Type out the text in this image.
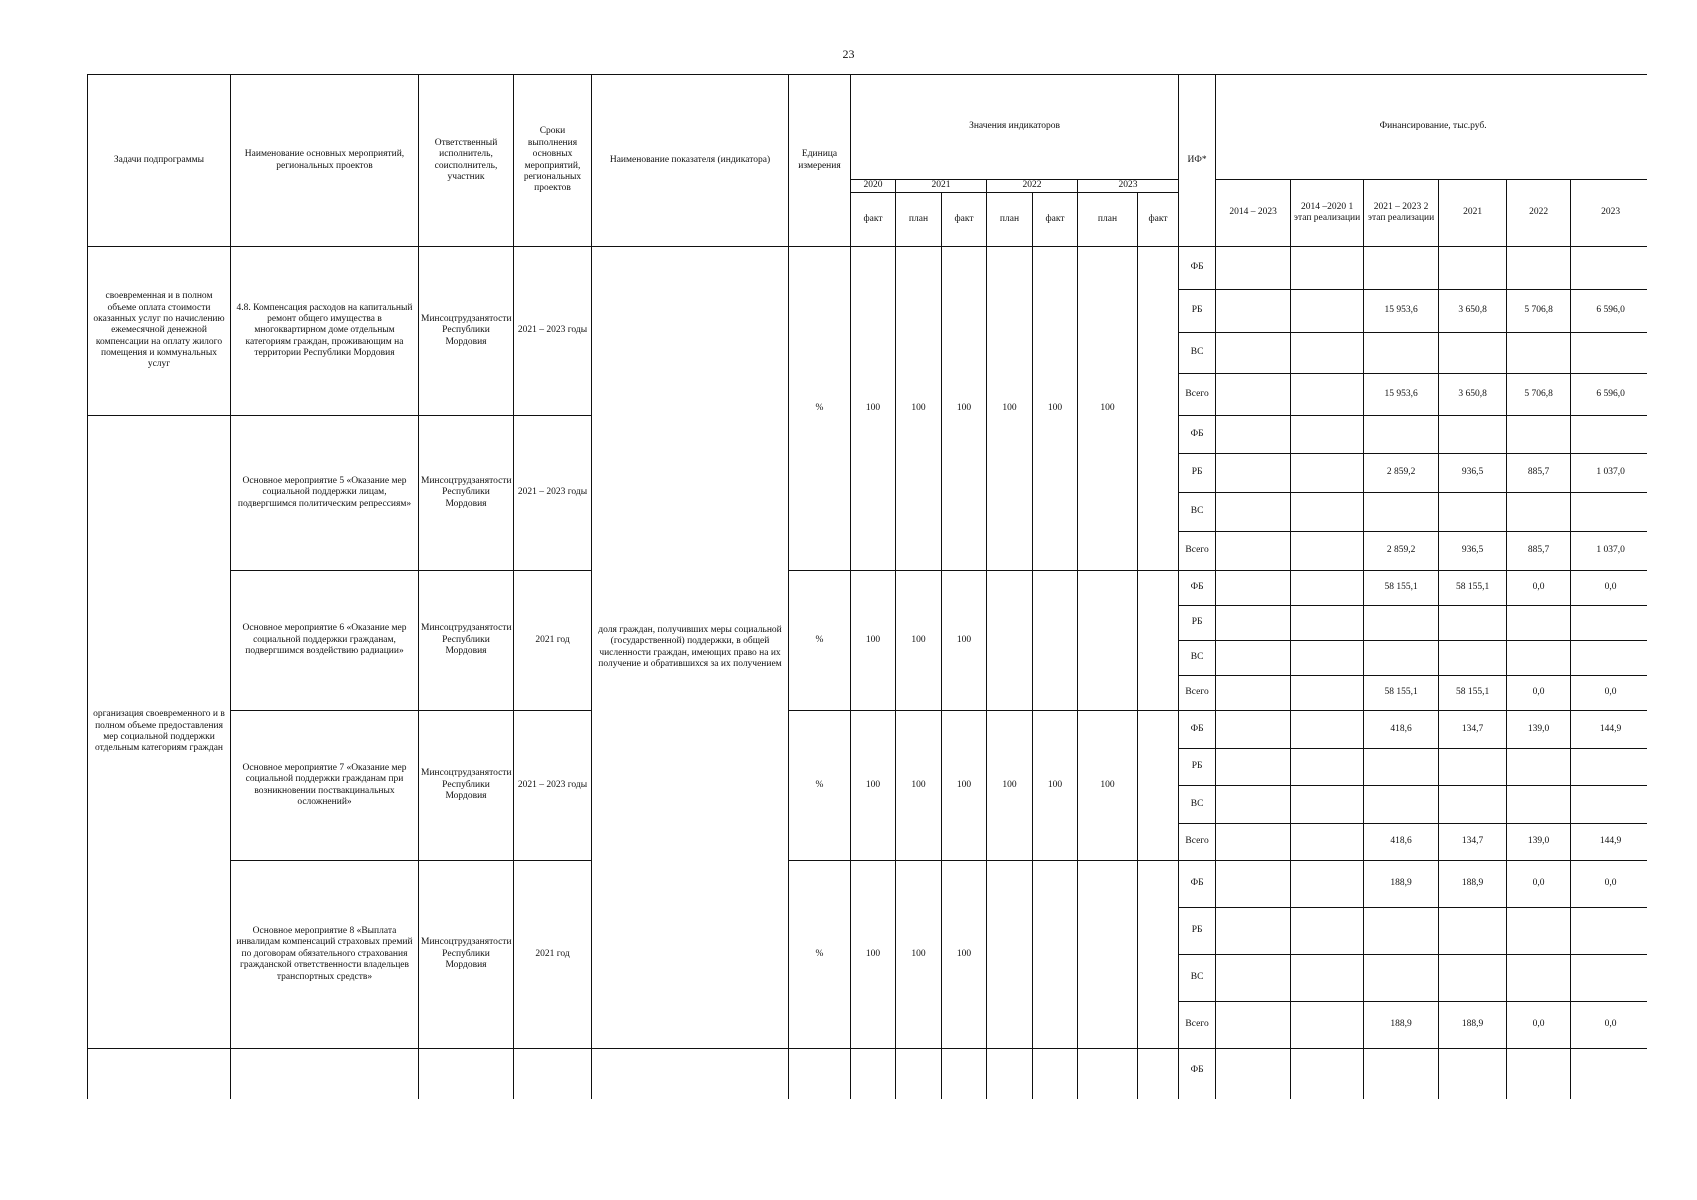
23
Задачи подпрограммы	Наименование основных мероприятий, региональных проектов	Ответственный исполнитель, соисполнитель, участник	Сроки выполнения основных мероприятий, региональных проектов	Наименование показателя (индикатора)	Единица измерения	Значения индикаторов							ИФ*	Финансирование, тыс.руб.					
						2020	2021		2022		2023			2014 – 2023	2014 –2020 1 этап реализации	2021 – 2023 2 этап реализации	2021	2022	2023
						факт	план	факт	план	факт	план	факт							
своевременная и в полном объеме оплата стоимости оказанных услуг по начислению ежемесячной денежной компенсации на оплату жилого помещения и коммунальных услуг	4.8. Компенсация расходов на капитальный ремонт общего имущества в многоквартирном доме отдельным категориям граждан, проживающим на территории Республики Мордовия	Минсоцтрудзанятости Республики Мордовия	2021 – 2023 годы	доля граждан, получивших меры социальной (государственной) поддержки, в общей численности граждан, имеющих право на их получение и обратившихся за их получением	%	100	100	100	100	100	100		ФБ						
													РБ			15 953,6	3 650,8	5 706,8	6 596,0
													ВС						
													Всего			15 953,6	3 650,8	5 706,8	6 596,0
организация своевременного и в полном объеме предоставления мер социальной поддержки отдельным категориям граждан	Основное мероприятие 5 «Оказание мер социальной поддержки лицам, подвергшимся политическим репрессиям»	Минсоцтрудзанятости Республики Мордовия	2021 – 2023 годы										ФБ						
													РБ			2 859,2	936,5	885,7	1 037,0
													ВС						
													Всего			2 859,2	936,5	885,7	1 037,0
	Основное мероприятие 6 «Оказание мер социальной поддержки гражданам, подвергшимся воздействию радиации»	Минсоцтрудзанятости Республики Мордовия	2021 год		%	100	100	100					ФБ			58 155,1	58 155,1	0,0	0,0
													РБ						
													ВС						
													Всего			58 155,1	58 155,1	0,0	0,0
	Основное мероприятие 7 «Оказание мер социальной поддержки гражданам при возникновении поствакцинальных осложнений»	Минсоцтрудзанятости Республики Мордовия	2021 – 2023 годы		%	100	100	100	100	100	100		ФБ			418,6	134,7	139,0	144,9
													РБ						
													ВС						
													Всего			418,6	134,7	139,0	144,9
	Основное мероприятие 8 «Выплата инвалидам компенсаций страховых премий по договорам обязательного страхования гражданской ответственности владельцев транспортных средств»	Минсоцтрудзанятости Республики Мордовия	2021 год		%	100	100	100					ФБ			188,9	188,9	0,0	0,0
													РБ						
													ВС						
													Всего			188,9	188,9	0,0	0,0
													ФБ						
